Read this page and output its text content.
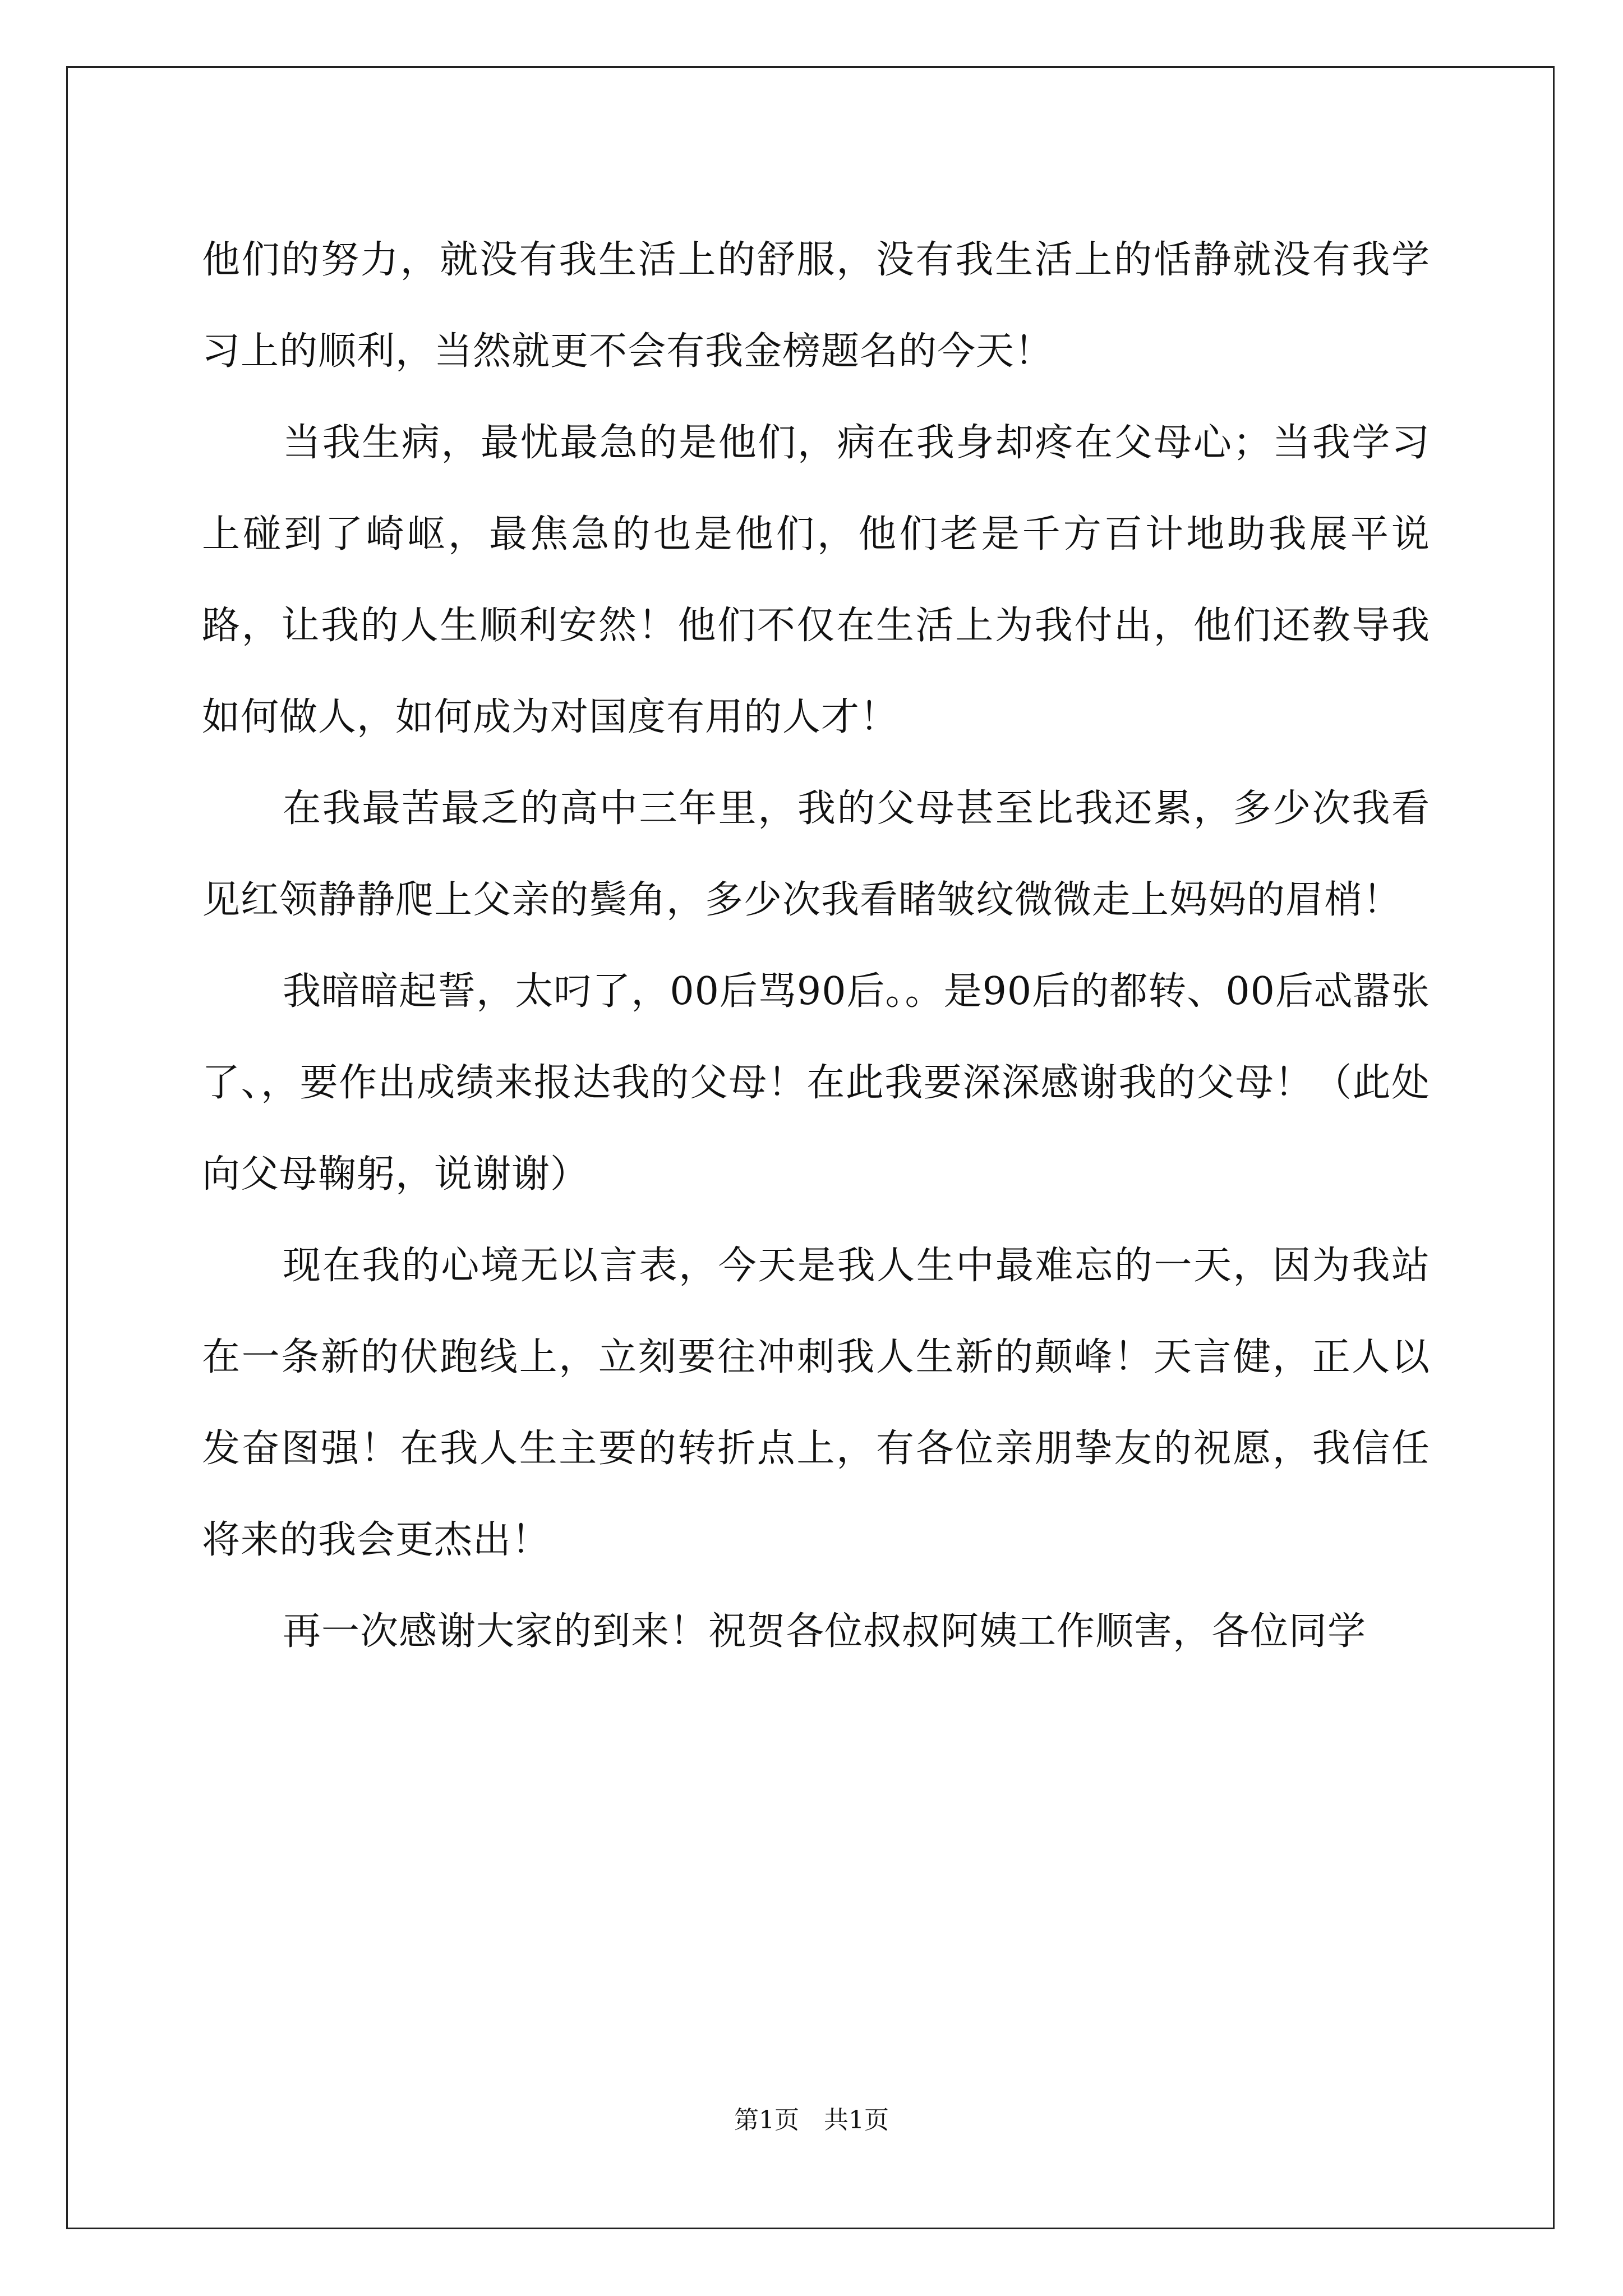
他们的努力，就没有我生活上的舒服，没有我生活上的恬静就没有我学习上的顺利，当然就更不会有我金榜题名的今天！

当我生病，最忧最急的是他们，病在我身却疼在父母心；当我学习上碰到了崎岖，最焦急的也是他们，他们老是千方百计地助我展平说路，让我的人生顺利安然！他们不仅在生活上为我付出，他们还教导我如何做人，如何成为对国度有用的人才！

在我最苦最乏的高中三年里，我的父母甚至比我还累，多少次我看见红领静静爬上父亲的鬓角，多少次我看睹皱纹微微走上妈妈的眉梢！

我暗暗起誓，太叼了，00后骂90后。。是90后的都转、00后忒嚣张了、，要作出成绩来报达我的父母！在此我要深深感谢我的父母！（此处向父母鞠躬，说谢谢）

现在我的心境无以言表，今天是我人生中最难忘的一天，因为我站在一条新的伏跑线上，立刻要往冲刺我人生新的颠峰！天言健，正人以发奋图强！在我人生主要的转折点上，有各位亲朋挚友的祝愿，我信任将来的我会更杰出！

再一次感谢大家的到来！祝贺各位叔叔阿姨工作顺害，各位同学

第1页　共1页
